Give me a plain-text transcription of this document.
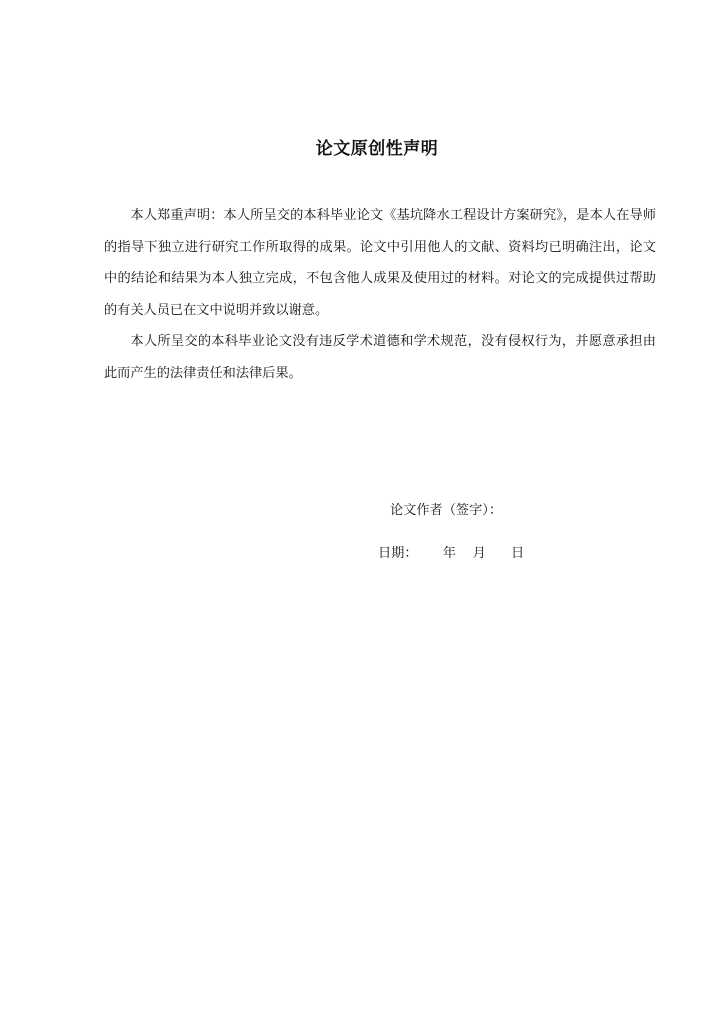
论文原创性声明

本人郑重声明：本人所呈交的本科毕业论文《基坑降水工程设计方案研究》，是本人在导师的指导下独立进行研究工作所取得的成果。论文中引用他人的文献、资料均已明确注出，论文中的结论和结果为本人独立完成，不包含他人成果及使用过的材料。对论文的完成提供过帮助的有关人员已在文中说明并致以谢意。

本人所呈交的本科毕业论文没有违反学术道德和学术规范，没有侵权行为，并愿意承担由此而产生的法律责任和法律后果。

论文作者（签字）：
日期：      年    月      日
